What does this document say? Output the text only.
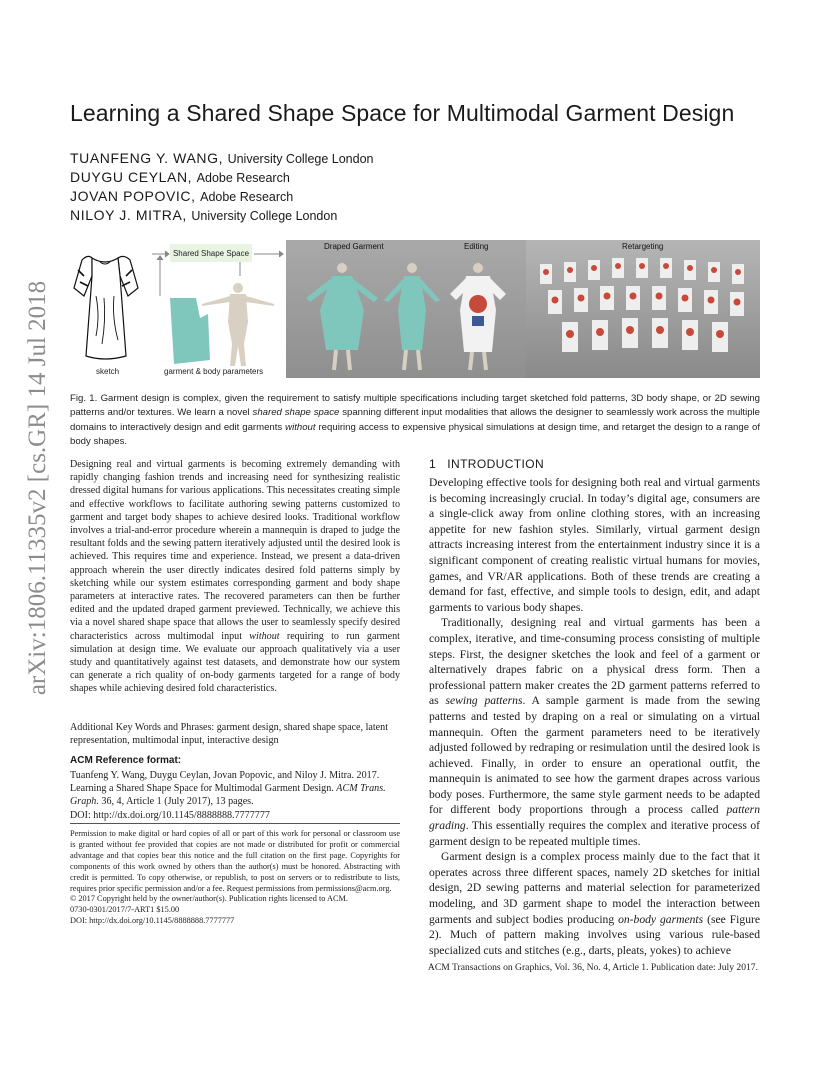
arXiv:1806.11335v2 [cs.GR] 14 Jul 2018
Learning a Shared Shape Space for Multimodal Garment Design
TUANFENG Y. WANG, University College London
DUYGU CEYLAN, Adobe Research
JOVAN POPOVIC, Adobe Research
NILOY J. MITRA, University College London
Shared Shape Space
sketch	garment & body parameters
Draped Garment	Editing	Retargeting
Fig. 1. Garment design is complex, given the requirement to satisfy multiple specifications including target sketched fold patterns, 3D body shape, or 2D sewing patterns and/or textures. We learn a novel shared shape space spanning different input modalities that allows the designer to seamlessly work across the multiple domains to interactively design and edit garments without requiring access to expensive physical simulations at design time, and retarget the design to a range of body shapes.
Designing real and virtual garments is becoming extremely demanding with rapidly changing fashion trends and increasing need for synthesizing realistic dressed digital humans for various applications. This necessitates creating simple and effective workflows to facilitate authoring sewing patterns customized to garment and target body shapes to achieve desired looks. Traditional workflow involves a trial-and-error procedure wherein a mannequin is draped to judge the resultant folds and the sewing pattern iteratively adjusted until the desired look is achieved. This requires time and experience. Instead, we present a data-driven approach wherein the user directly indicates desired fold patterns simply by sketching while our system estimates corresponding garment and body shape parameters at interactive rates. The recovered parameters can then be further edited and the updated draped garment previewed. Technically, we achieve this via a novel shared shape space that allows the user to seamlessly specify desired characteristics across multimodal input without requiring to run garment simulation at design time. We evaluate our approach qualitatively via a user study and quantitatively against test datasets, and demonstrate how our system can generate a rich quality of on-body garments targeted for a range of body shapes while achieving desired fold characteristics.
Additional Key Words and Phrases: garment design, shared shape space, latent representation, multimodal input, interactive design
ACM Reference format:
Tuanfeng Y. Wang, Duygu Ceylan, Jovan Popovic, and Niloy J. Mitra. 2017. Learning a Shared Shape Space for Multimodal Garment Design. ACM Trans. Graph. 36, 4, Article 1 (July 2017), 13 pages.
DOI: http://dx.doi.org/10.1145/8888888.7777777
Permission to make digital or hard copies of all or part of this work for personal or classroom use is granted without fee provided that copies are not made or distributed for profit or commercial advantage and that copies bear this notice and the full citation on the first page. Copyrights for components of this work owned by others than the author(s) must be honored. Abstracting with credit is permitted. To copy otherwise, or republish, to post on servers or to redistribute to lists, requires prior specific permission and/or a fee. Request permissions from permissions@acm.org.
© 2017 Copyright held by the owner/author(s). Publication rights licensed to ACM.
0730-0301/2017/7-ART1 $15.00
DOI: http://dx.doi.org/10.1145/8888888.7777777
1 INTRODUCTION

Developing effective tools for designing both real and virtual garments is becoming increasingly crucial. In today’s digital age, consumers are a single-click away from online clothing stores, with an increasing appetite for new fashion styles. Similarly, virtual garment design attracts increasing interest from the entertainment industry since it is a significant component of creating realistic virtual humans for movies, games, and VR/AR applications. Both of these trends are creating a demand for fast, effective, and simple tools to design, edit, and adapt garments to various body shapes.

Traditionally, designing real and virtual garments has been a complex, iterative, and time-consuming process consisting of multiple steps. First, the designer sketches the look and feel of a garment or alternatively drapes fabric on a physical dress form. Then a professional pattern maker creates the 2D garment patterns referred to as sewing patterns. A sample garment is made from the sewing patterns and tested by draping on a real or simulating on a virtual mannequin. Often the garment parameters need to be iteratively adjusted followed by redraping or resimulation until the desired look is achieved. Finally, in order to ensure an operational outfit, the mannequin is animated to see how the garment drapes across various body poses. Furthermore, the same style garment needs to be adapted for different body proportions through a process called pattern grading. This essentially requires the complex and iterative process of garment design to be repeated multiple times.

Garment design is a complex process mainly due to the fact that it operates across three different spaces, namely 2D sketches for initial design, 2D sewing patterns and material selection for parameterized modeling, and 3D garment shape to model the interaction between garments and subject bodies producing on-body garments (see Figure 2). Much of pattern making involves using various rule-based specialized cuts and stitches (e.g., darts, pleats, yokes) to achieve

ACM Transactions on Graphics, Vol. 36, No. 4, Article 1. Publication date: July 2017.
